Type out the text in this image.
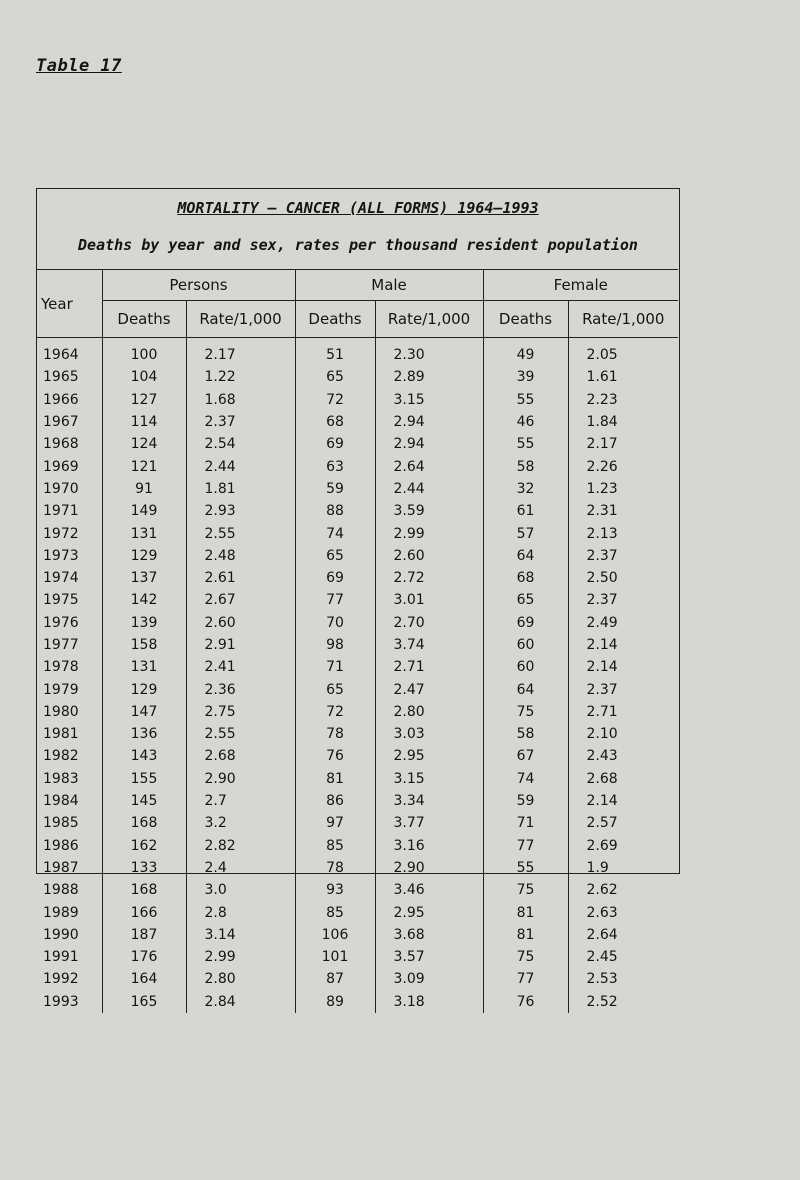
Table 17
MORTALITY – CANCER (ALL FORMS) 1964–1993
Deaths by year and sex, rates per thousand resident population
Year	Persons		Male		Female	
	Deaths	Rate/1,000	Deaths	Rate/1,000	Deaths	Rate/1,000
1964	100	2.17	51	2.30	49	2.05
1965	104	1.22	65	2.89	39	1.61
1966	127	1.68	72	3.15	55	2.23
1967	114	2.37	68	2.94	46	1.84
1968	124	2.54	69	2.94	55	2.17
1969	121	2.44	63	2.64	58	2.26
1970	91	1.81	59	2.44	32	1.23
1971	149	2.93	88	3.59	61	2.31
1972	131	2.55	74	2.99	57	2.13
1973	129	2.48	65	2.60	64	2.37
1974	137	2.61	69	2.72	68	2.50
1975	142	2.67	77	3.01	65	2.37
1976	139	2.60	70	2.70	69	2.49
1977	158	2.91	98	3.74	60	2.14
1978	131	2.41	71	2.71	60	2.14
1979	129	2.36	65	2.47	64	2.37
1980	147	2.75	72	2.80	75	2.71
1981	136	2.55	78	3.03	58	2.10
1982	143	2.68	76	2.95	67	2.43
1983	155	2.90	81	3.15	74	2.68
1984	145	2.7	86	3.34	59	2.14
1985	168	3.2	97	3.77	71	2.57
1986	162	2.82	85	3.16	77	2.69
1987	133	2.4	78	2.90	55	1.9
1988	168	3.0	93	3.46	75	2.62
1989	166	2.8	85	2.95	81	2.63
1990	187	3.14	106	3.68	81	2.64
1991	176	2.99	101	3.57	75	2.45
1992	164	2.80	87	3.09	77	2.53
1993	165	2.84	89	3.18	76	2.52
